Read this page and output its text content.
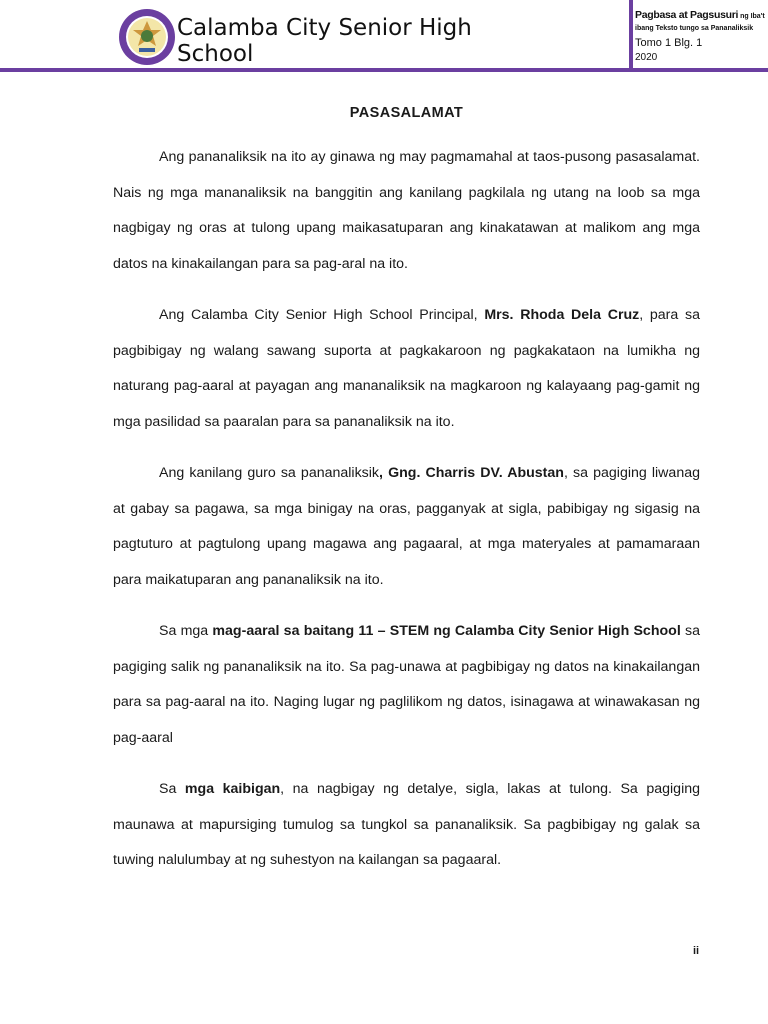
Calamba City Senior High School
Pagbasa at Pagsusuri ng Iba't
ibang Teksto tungo sa Pananaliksik
Tomo 1 Blg. 1
2020
PASASALAMAT

Ang pananaliksik na ito ay ginawa ng may pagmamahal at taos-pusong pasasalamat. Nais ng mga mananaliksik na banggitin ang kanilang pagkilala ng utang na loob sa mga nagbigay ng oras at tulong upang maikasatuparan ang kinakatawan at malikom ang mga datos na kinakailangan para sa pag-aral na ito.

Ang Calamba City Senior High School Principal, Mrs. Rhoda Dela Cruz, para sa pagbibigay ng walang sawang suporta at pagkakaroon ng pagkakataon na lumikha ng naturang pag-aaral at payagan ang mananaliksik na magkaroon ng kalayaang pag-gamit ng mga pasilidad sa paaralan para sa pananaliksik na ito.

Ang kanilang guro sa pananaliksik, Gng. Charris DV. Abustan, sa pagiging liwanag at gabay sa pagawa, sa mga binigay na oras, pagganyak at sigla, pabibigay ng sigasig na pagtuturo at pagtulong upang magawa ang pagaaral, at mga materyales at pamamaraan para maikatuparan ang pananaliksik na ito.

Sa mga mag-aaral sa baitang 11 – STEM ng Calamba City Senior High School sa pagiging salik ng pananaliksik na ito. Sa pag-unawa at pagbibigay ng datos na kinakailangan para sa pag-aaral na ito. Naging lugar ng paglilikom ng datos, isinagawa at winawakasan ng pag-aaral

Sa mga kaibigan, na nagbigay ng detalye, sigla, lakas at tulong. Sa pagiging maunawa at mapursiging tumulog sa tungkol sa pananaliksik. Sa pagbibigay ng galak sa tuwing nalulumbay at ng suhestyon na kailangan sa pagaaral.

ii
